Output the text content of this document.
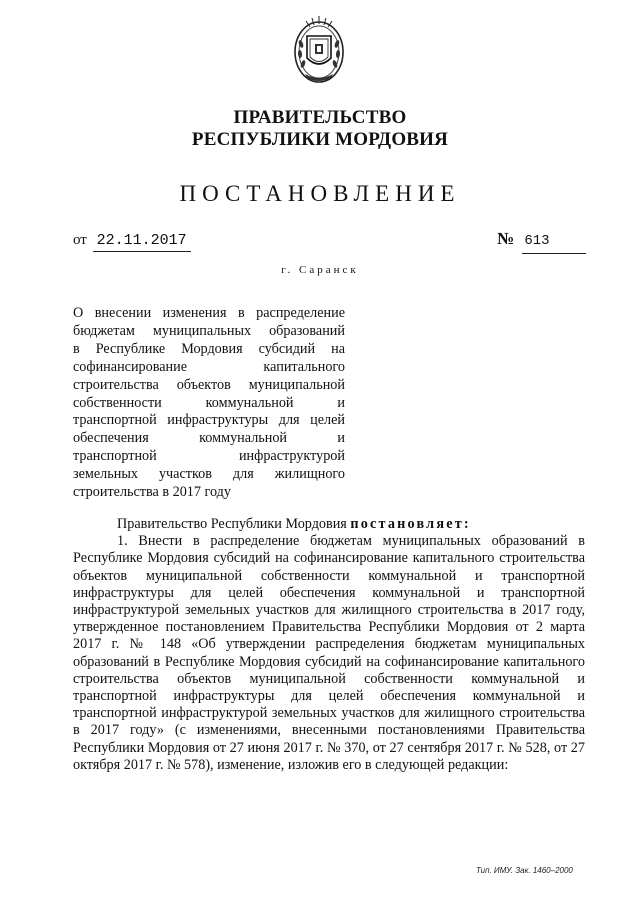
ПРАВИТЕЛЬСТВО
РЕСПУБЛИКИ МОРДОВИЯ
ПОСТАНОВЛЕНИЕ
от 22.11.2017	№ 613
г. Саранск
О внесении изменения в распределение
бюджетам муниципальных образований
в Республике Мордовия субсидий на
софинансирование капитального
строительства объектов муниципальной
собственности коммунальной и
транспортной инфраструктуры для целей
обеспечения коммунальной и
транспортной инфраструктурой
земельных участков для жилищного
строительства в 2017 году

Правительство Республики Мордовия постановляет:

1. Внести в распределение бюджетам муниципальных образований в Республике Мордовия субсидий на софинансирование капитального строительства объектов муниципальной собственности коммунальной и транспортной инфраструктуры для целей обеспечения коммунальной и транспортной инфраструктурой земельных участков для жилищного строительства в 2017 году, утвержденное постановлением Правительства Республики Мордовия от 2 марта 2017 г. № 148 «Об утверждении распределения бюджетам муниципальных образований в Республике Мордовия субсидий на софинансирование капитального строительства объектов муниципальной собственности коммунальной и транспортной инфраструктуры для целей обеспечения коммунальной и транспортной инфраструктурой земельных участков для жилищного строительства в 2017 году» (с изменениями, внесенными постановлениями Правительства Республики Мордовия от 27 июня 2017 г. № 370, от 27 сентября 2017 г. № 528, от 27 октября 2017 г. № 578), изменение, изложив его в следующей редакции:

Тип. ИМУ. Зак. 1460–2000
